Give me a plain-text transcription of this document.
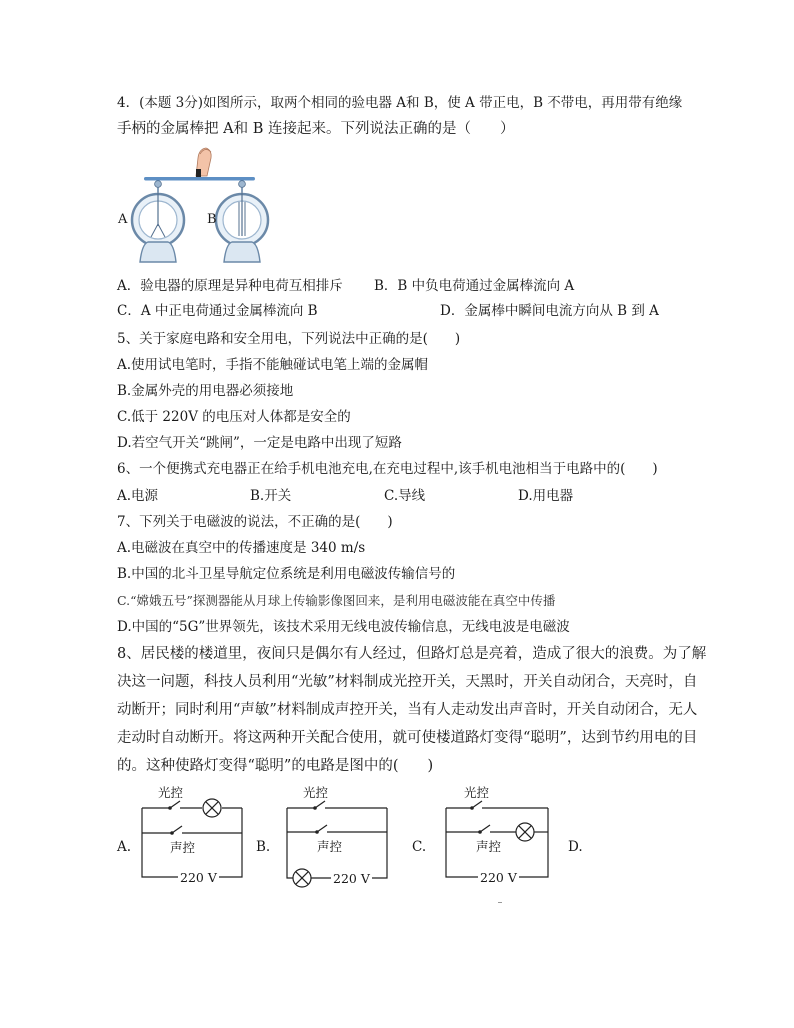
4．(本题 3分)如图所示，取两个相同的验电器 A和 B，使 A 带正电，B 不带电，再用带有绝缘
手柄的金属棒把 A和 B 连接起来。下列说法正确的是（　　）
A	B
A．验电器的原理是异种电荷互相排斥 B．B 中负电荷通过金属棒流向 A
C．A 中正电荷通过金属棒流向 B	D．金属棒中瞬间电流方向从 B 到 A
5、关于家庭电路和安全用电，下列说法中正确的是(　　)
A.使用试电笔时，手指不能触碰试电笔上端的金属帽
B.金属外壳的用电器必须接地
C.低于 220V 的电压对人体都是安全的
D.若空气开关“跳闸”，一定是电路中出现了短路
6、一个便携式充电器正在给手机电池充电,在充电过程中,该手机电池相当于电路中的(　　)
A.电源	B.开关	C.导线	D.用电器
7、下列关于电磁波的说法，不正确的是(　　)
A.电磁波在真空中的传播速度是 340 m/s
B.中国的北斗卫星导航定位系统是利用电磁波传输信号的
C.“嫦娥五号”探测器能从月球上传输影像图回来，是利用电磁波能在真空中传播
D.中国的“5G”世界领先，该技术采用无线电波传输信息，无线电波是电磁波
8、居民楼的楼道里，夜间只是偶尔有人经过，但路灯总是亮着，造成了很大的浪费。为了解
决这一问题，科技人员利用“光敏”材料制成光控开关，天黑时，开关自动闭合，天亮时，自
动断开；同时利用“声敏”材料制成声控开关，当有人走动发出声音时，开关自动闭合，无人
走动时自动断开。将这两种开关配合使用，就可使楼道路灯变得“聪明”，达到节约用电的目
的。这种使路灯变得“聪明”的电路是图中的(　　)
A.	B.	C.	D.
光控
声控
220 V
光控
声控
220 V
光控
声控
220 V
